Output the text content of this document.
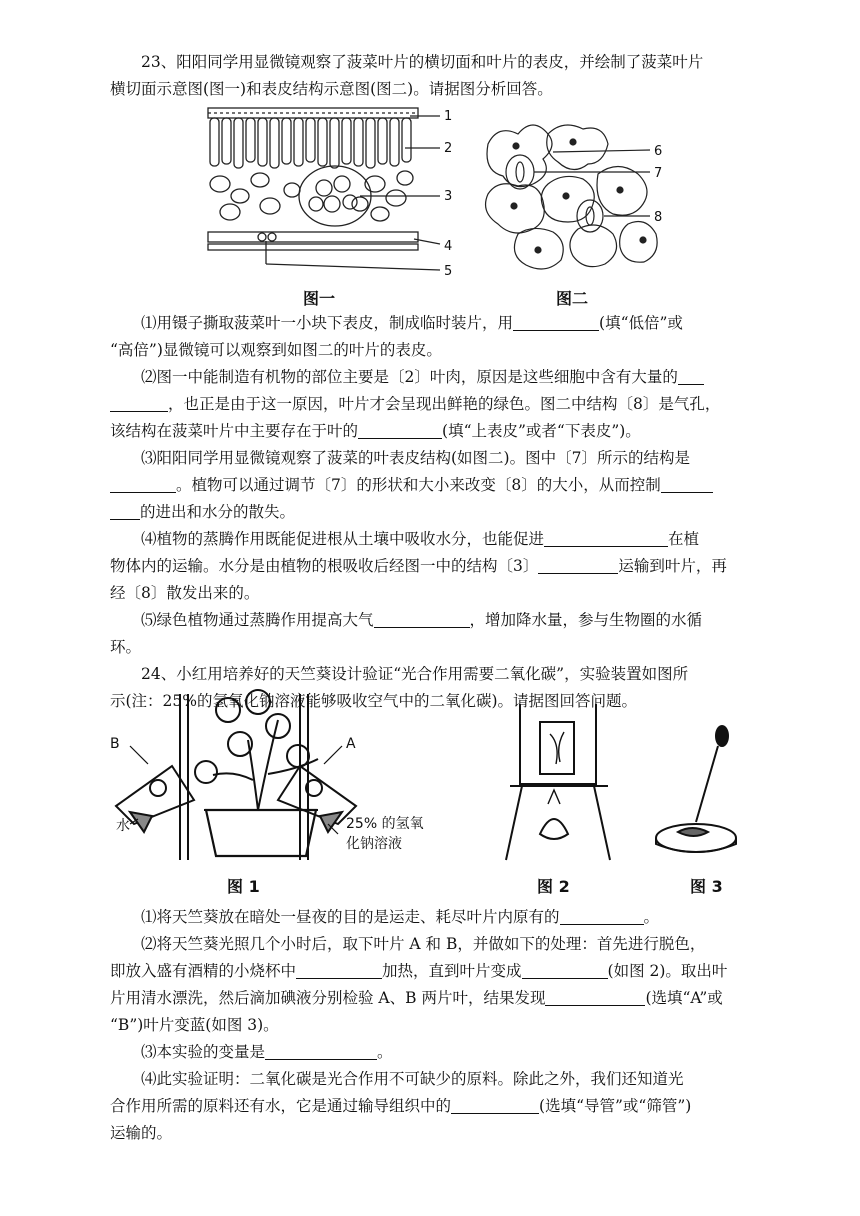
23、阳阳同学用显微镜观察了菠菜叶片的横切面和叶片的表皮，并绘制了菠菜叶片

横切面示意图(图一)和表皮结构示意图(图二)。请据图分析回答。

1
2
3
4
5
图一
6
7
8
图二

⑴用镊子撕取菠菜叶一小块下表皮，制成临时装片，用	(填“低倍”或

“高倍”)显微镜可以观察到如图二的叶片的表皮。

⑵图一中能制造有机物的部位主要是〔2〕叶肉，原因是这些细胞中含有大量的

，也正是由于这一原因，叶片才会呈现出鲜艳的绿色。图二中结构〔8〕是气孔，

该结构在菠菜叶片中主要存在于叶的	(填“上表皮”或者“下表皮”)。

⑶阳阳同学用显微镜观察了菠菜的叶表皮结构(如图二)。图中〔7〕所示的结构是

。植物可以通过调节〔7〕的形状和大小来改变〔8〕的大小，从而控制

的进出和水分的散失。

⑷植物的蒸腾作用既能促进根从土壤中吸收水分，也能促进	在植

物体内的运输。水分是由植物的根吸收后经图一中的结构〔3〕	运输到叶片，再

经〔8〕散发出来的。

⑸绿色植物通过蒸腾作用提高大气	，增加降水量，参与生物圈的水循

环。

24、小红用培养好的天竺葵设计验证“光合作用需要二氧化碳”，实验装置如图所

示(注：25%的氢氧化钠溶液能够吸收空气中的二氧化碳)。请据图回答问题。

B	A
水	25% 的氢氧
化钠溶液
图 1	图 2	图 3

⑴将天竺葵放在暗处一昼夜的目的是运走、耗尽叶片内原有的	。

⑵将天竺葵光照几个小时后，取下叶片 A 和 B，并做如下的处理：首先进行脱色，

即放入盛有酒精的小烧杯中	加热，直到叶片变成	(如图 2)。取出叶

片用清水漂洗，然后滴加碘液分别检验 A、B 两片叶，结果发现	(选填“A”或

“B”)叶片变蓝(如图 3)。

⑶本实验的变量是	。

⑷此实验证明：二氧化碳是光合作用不可缺少的原料。除此之外，我们还知道光

合作用所需的原料还有水，它是通过输导组织中的	(选填“导管”或“筛管”)

运输的。
